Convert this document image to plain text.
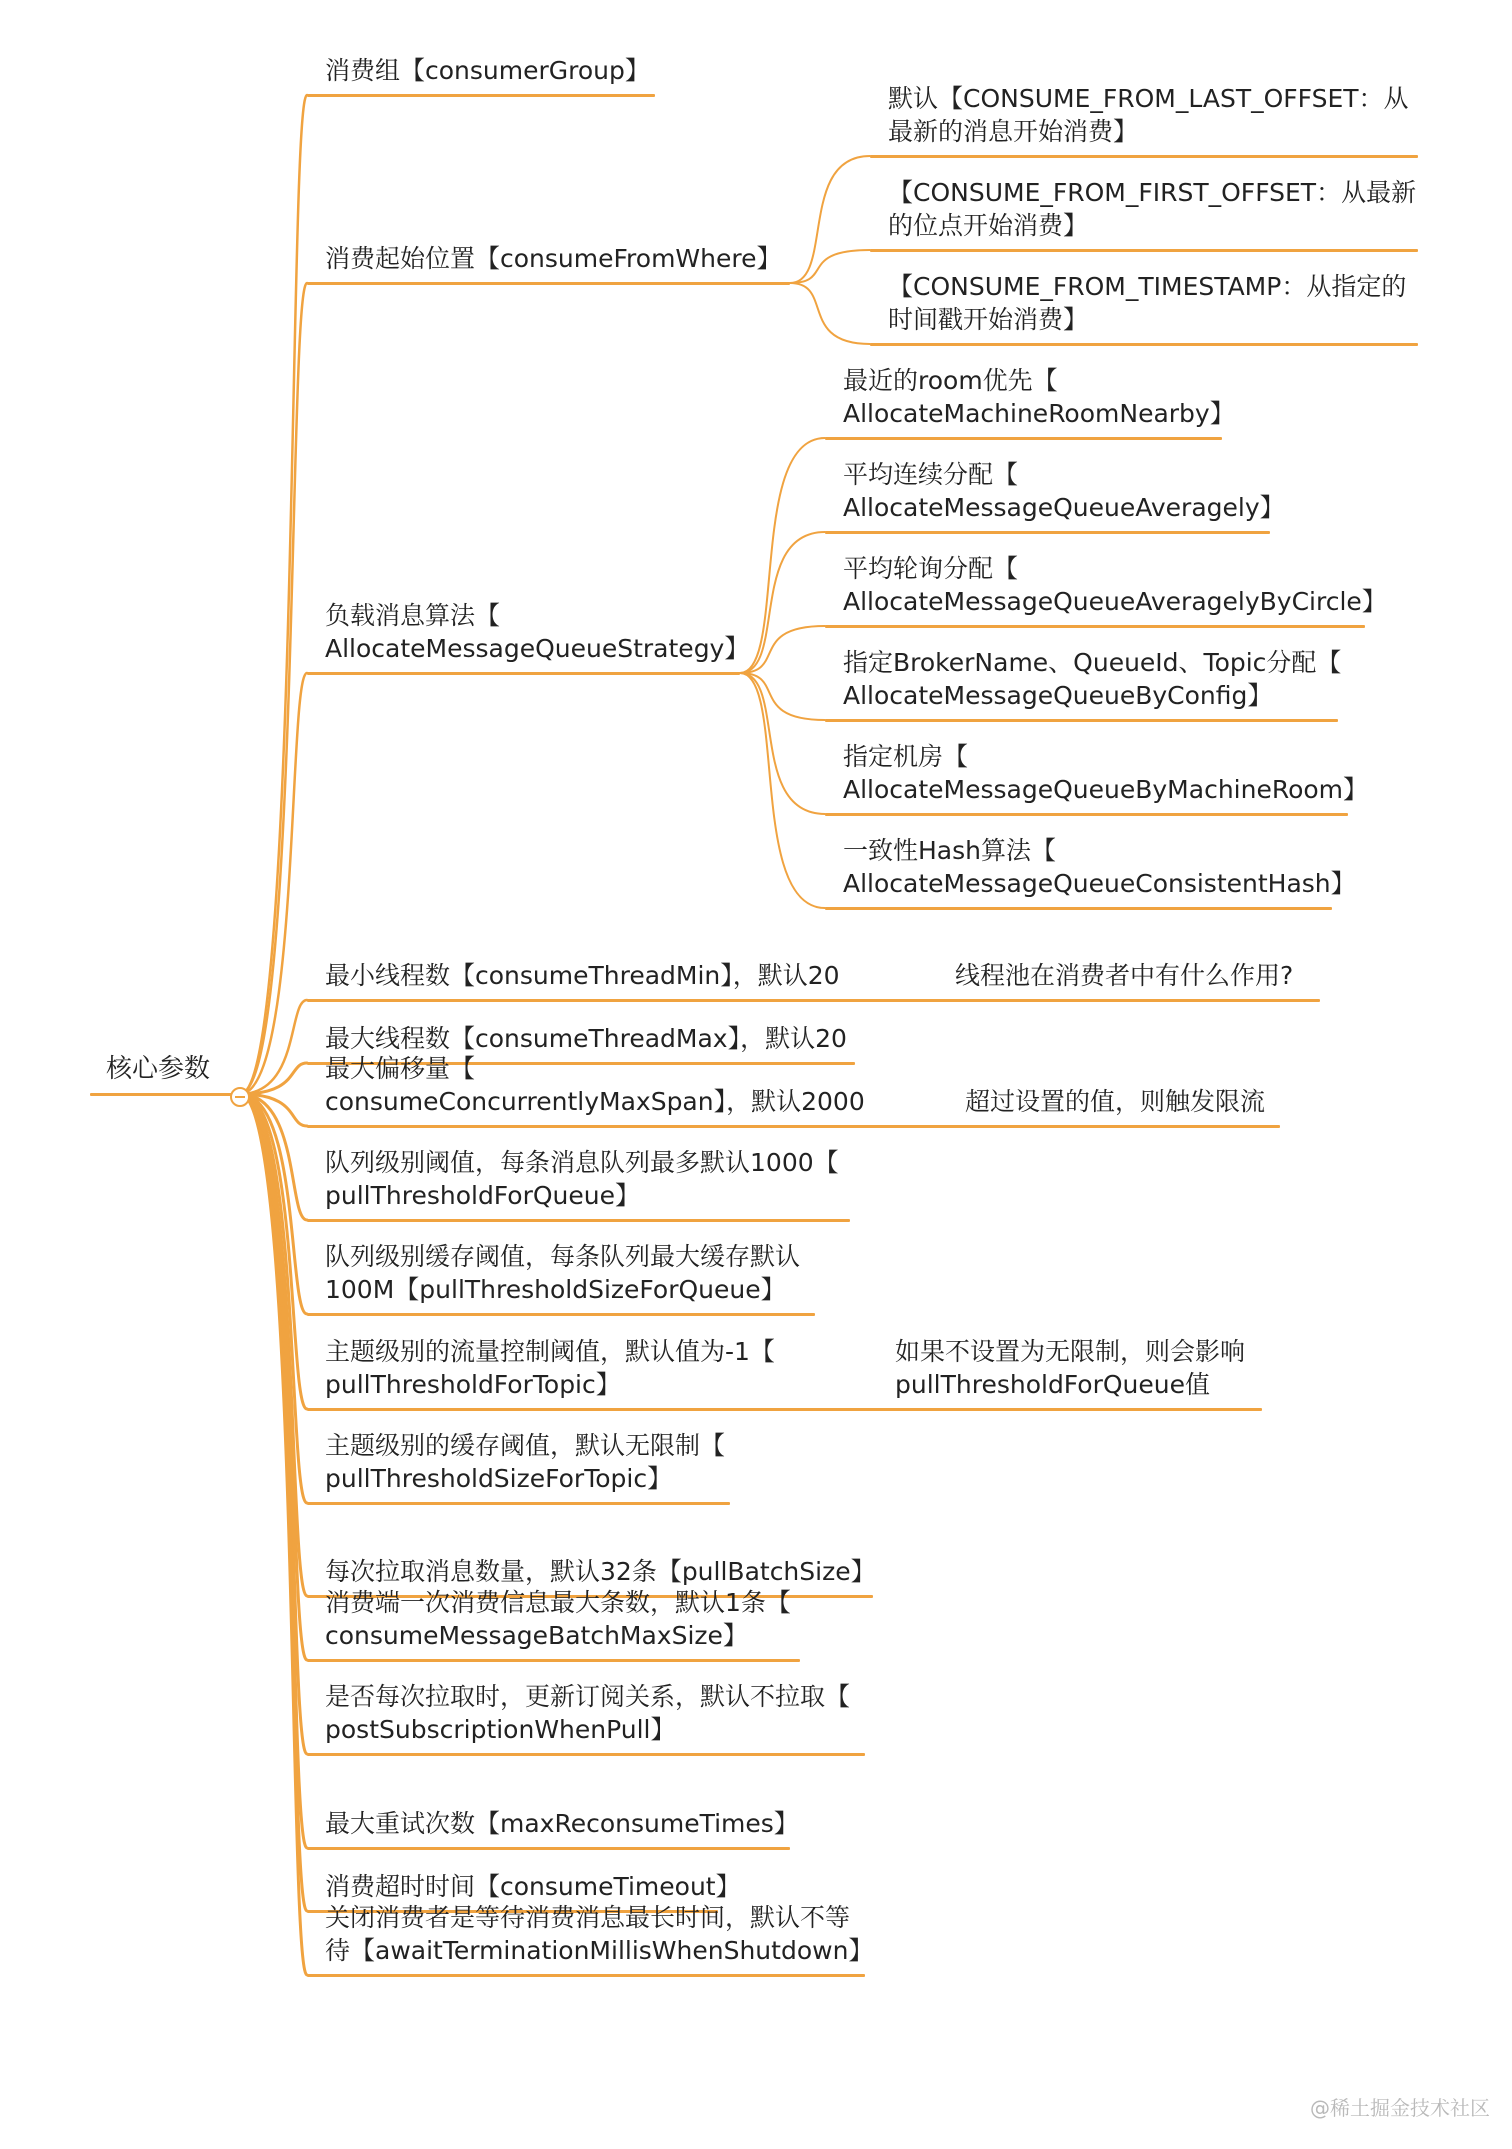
核心参数
消费组【consumerGroup】
消费起始位置【consumeFromWhere】
默认【CONSUME_FROM_LAST_OFFSET：从
最新的消息开始消费】
【CONSUME_FROM_FIRST_OFFSET：从最新
的位点开始消费】
【CONSUME_FROM_TIMESTAMP：从指定的
时间戳开始消费】
负载消息算法【
AllocateMessageQueueStrategy】
最近的room优先【
AllocateMachineRoomNearby】
平均连续分配【
AllocateMessageQueueAveragely】
平均轮询分配【
AllocateMessageQueueAveragelyByCircle】
指定BrokerName、QueueId、Topic分配【
AllocateMessageQueueByConfig】
指定机房【
AllocateMessageQueueByMachineRoom】
一致性Hash算法【
AllocateMessageQueueConsistentHash】
最小线程数【consumeThreadMin】，默认20	线程池在消费者中有什么作用?
最大线程数【consumeThreadMax】，默认20
最大偏移量【
consumeConcurrentlyMaxSpan】，默认2000	超过设置的值，则触发限流
队列级别阈值，每条消息队列最多默认1000【
pullThresholdForQueue】
队列级别缓存阈值，每条队列最大缓存默认
100M【pullThresholdSizeForQueue】
主题级别的流量控制阈值，默认值为-1【
pullThresholdForTopic】
如果不设置为无限制，则会影响
pullThresholdForQueue值
主题级别的缓存阈值，默认无限制【
pullThresholdSizeForTopic】
每次拉取消息数量，默认32条【pullBatchSize】
消费端一次消费信息最大条数，默认1条【
consumeMessageBatchMaxSize】
是否每次拉取时，更新订阅关系，默认不拉取【
postSubscriptionWhenPull】
最大重试次数【maxReconsumeTimes】
消费超时时间【consumeTimeout】
关闭消费者是等待消费消息最长时间，默认不等
待【awaitTerminationMillisWhenShutdown】
@稀土掘金技术社区
